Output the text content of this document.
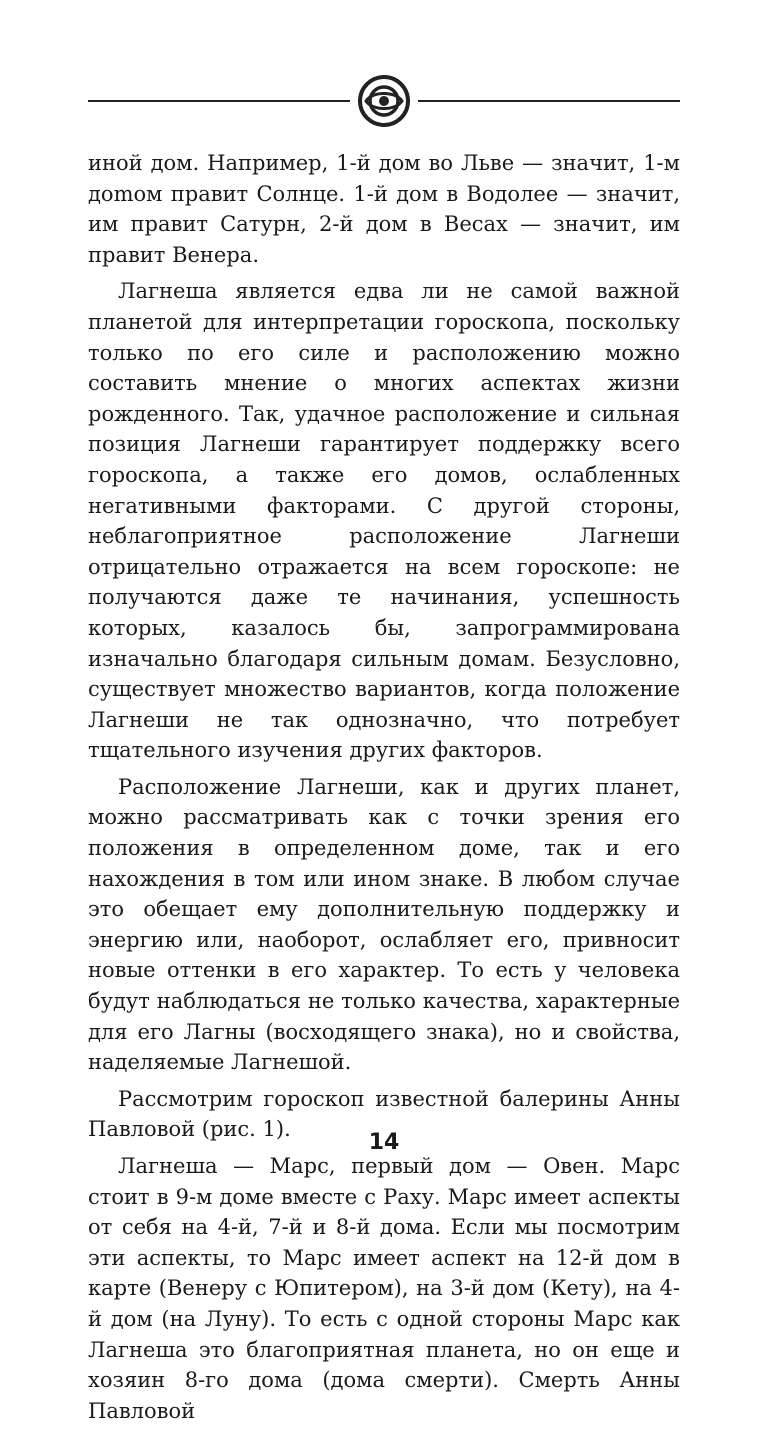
иной дом. Например, 1-й дом во Льве — значит, 1-м доmом правит Солнце. 1-й дом в Водолее — значит, им правит Сатурн, 2-й дом в Весах — значит, им правит Венера.

Лагнеша является едва ли не самой важной планетой для интерпретации гороскопа, поскольку только по его силе и расположению можно составить мнение о многих аспектах жизни рожденного. Так, удачное расположение и сильная позиция Лагнеши гарантирует поддержку всего гороскопа, а также его домов, ослабленных негативными факторами. С другой стороны, неблагоприятное расположение Лагнеши отрицательно отражается на всем гороскопе: не получаются даже те начинания, успешность которых, казалось бы, запрограммирована изначально благодаря сильным домам. Безусловно, существует множество вариантов, когда положение Лагнеши не так однозначно, что потребует тщательного изучения других факторов.

Расположение Лагнеши, как и других планет, можно рассматривать как с точки зрения его положения в определенном доме, так и его нахождения в том или ином знаке. В любом случае это обещает ему дополнительную поддержку и энергию или, наоборот, ослабляет его, привносит новые оттенки в его характер. То есть у человека будут наблюдаться не только качества, характерные для его Лагны (восходящего знака), но и свойства, наделяемые Лагнешой.

Рассмотрим гороскоп известной балерины Анны Павловой (рис. 1).

Лагнеша — Марс, первый дом — Овен. Марс стоит в 9-м доме вместе с Раху. Марс имеет аспекты от себя на 4-й, 7-й и 8-й дома. Если мы посмотрим эти аспекты, то Марс имеет аспект на 12-й дом в карте (Венеру с Юпитером), на 3-й дом (Кету), на 4-й дом (на Луну). То есть с одной стороны Марс как Лагнеша это благоприятная планета, но он еще и хозяин 8-го дома (дома смерти). Смерть Анны Павловой

14
